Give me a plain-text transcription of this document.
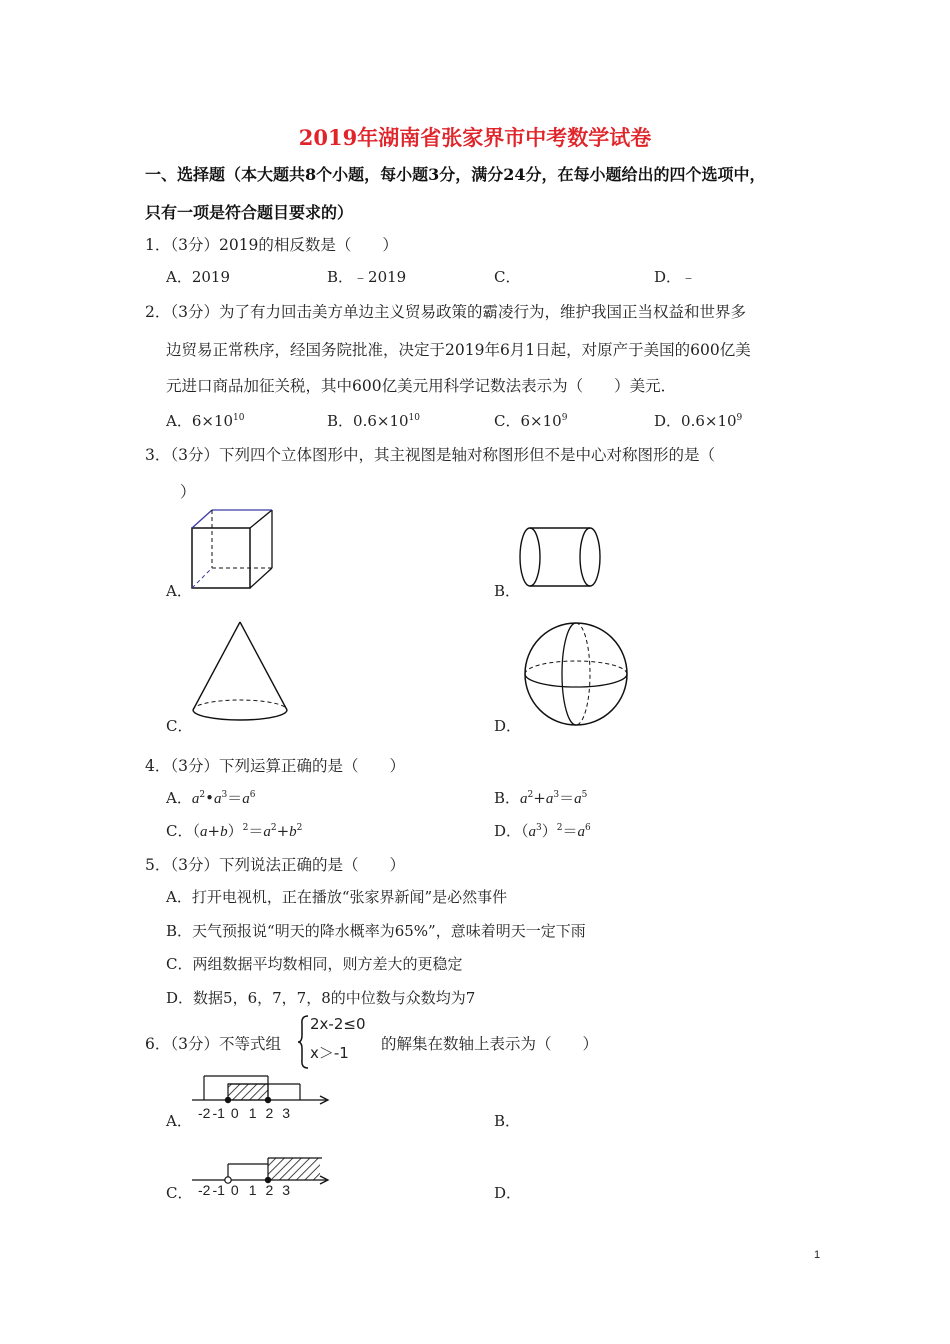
2019年湖南省张家界市中考数学试卷
一、选择题（本大题共8个小题，每小题3分，满分24分，在每小题给出的四个选项中，
只有一项是符合题目要求的）
1．（3分）2019的相反数是（　　）
A．2019	B．﹣2019	C．	D．﹣
2．（3分）为了有力回击美方单边主义贸易政策的霸凌行为，维护我国正当权益和世界多
边贸易正常秩序，经国务院批准，决定于2019年6月1日起，对原产于美国的600亿美
元进口商品加征关税，其中600亿美元用科学记数法表示为（　　）美元．
A．$6\times 10^{10}$	B．$0.6\times 10^{10}$	C．$6\times 10^9$	D．$0.6\times 10^9$
3．（3分）下列四个立体图形中，其主视图是轴对称图形但不是中心对称图形的是（
）
A．	B．
C．	D．
4．（3分）下列运算正确的是（　　）
A．$a^2•a^3=a^6$	B．$a^2+a^3=a^5$
C．$(a+b)^2=a^2+b^2$	D．$(a^3)^2=a^6$
5．（3分）下列说法正确的是（　　）
A．打开电视机，正在播放“张家界新闻”是必然事件
B．天气预报说“明天的降水概率为65%”，意味着明天一定下雨
C．两组数据平均数相同，则方差大的更稳定
D．数据5，6，7，7，8的中位数与众数均为7
6．（3分）不等式组
2x-2≤0
x＞-1 的解集在数轴上表示为（　　）
A． -2 -1 0 1 2 3	B．
C． -2 -1 0 1 2 3	D．
1
